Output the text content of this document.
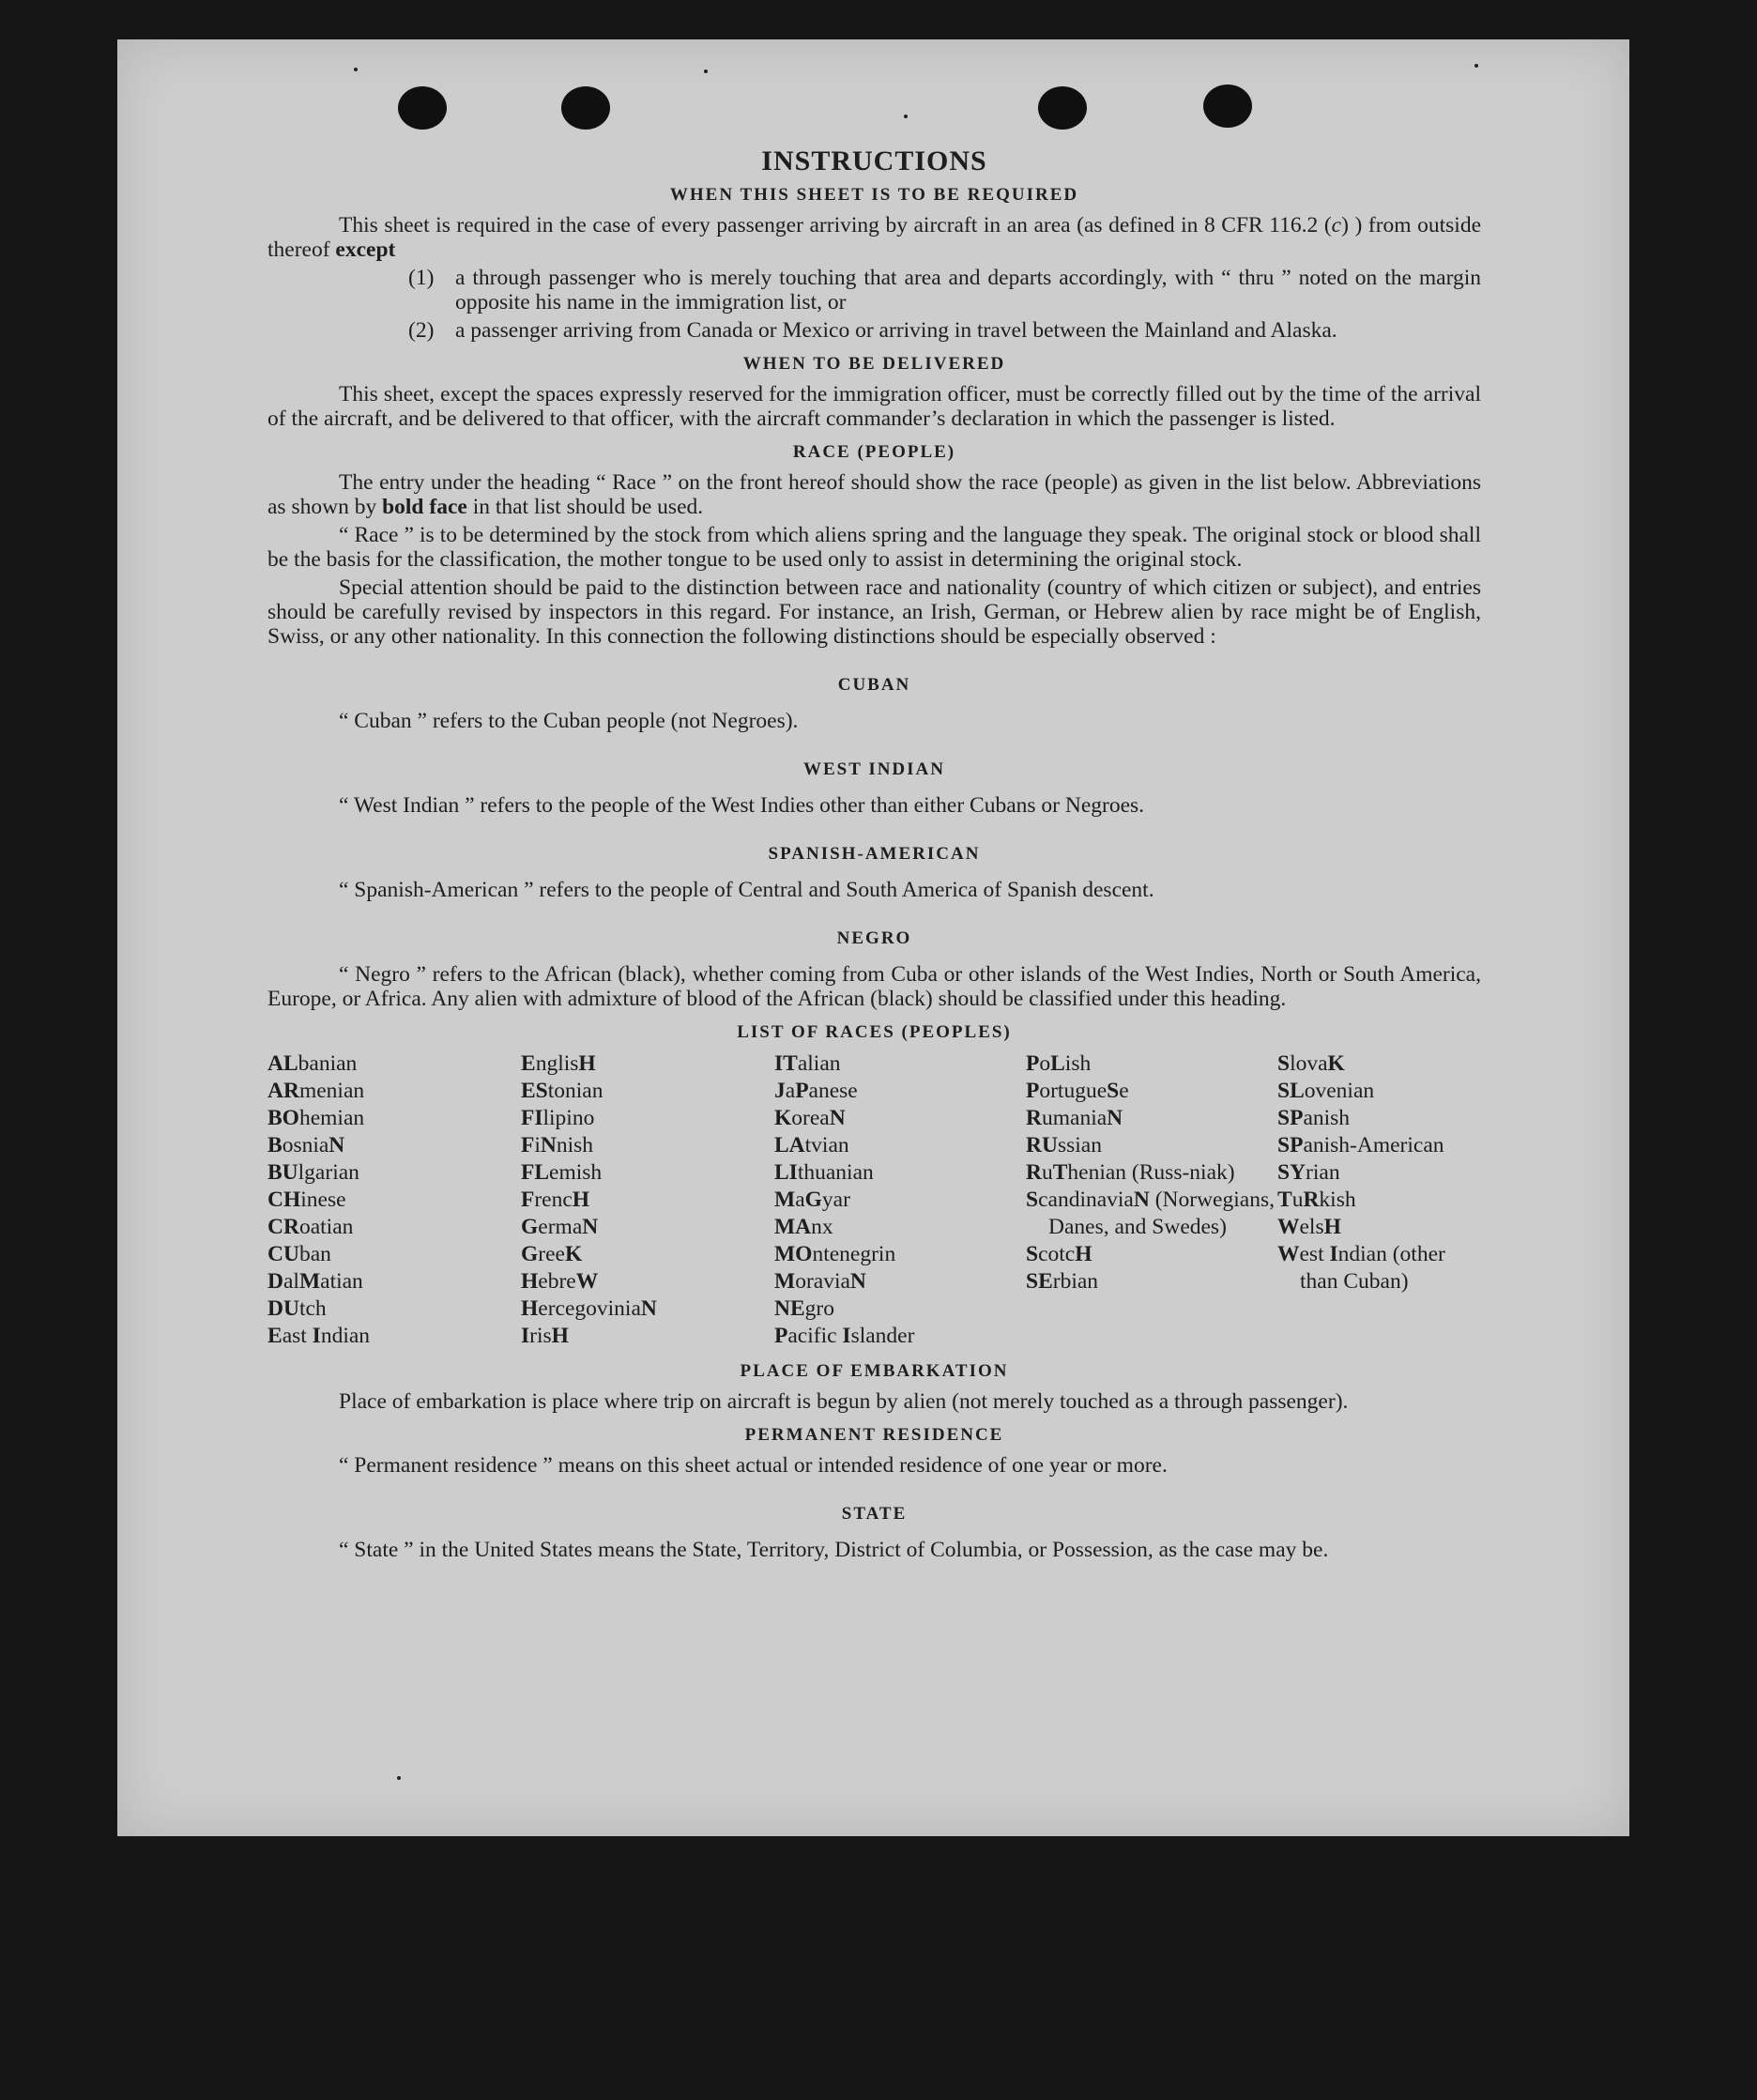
INSTRUCTIONS
WHEN THIS SHEET IS TO BE REQUIRED

This sheet is required in the case of every passenger arriving by aircraft in an area (as defined in 8 CFR 116.2 (c) ) from outside thereof except

(1) a through passenger who is merely touching that area and departs accordingly, with “ thru ” noted on the margin opposite his name in the immigration list, or
(2) a passenger arriving from Canada or Mexico or arriving in travel between the Mainland and Alaska.
WHEN TO BE DELIVERED

This sheet, except the spaces expressly reserved for the immigration officer, must be correctly filled out by the time of the arrival of the aircraft, and be delivered to that officer, with the aircraft commander’s declaration in which the passenger is listed.

RACE (PEOPLE)

The entry under the heading “ Race ” on the front hereof should show the race (people) as given in the list below. Abbreviations as shown by bold face in that list should be used.

“ Race ” is to be determined by the stock from which aliens spring and the language they speak. The original stock or blood shall be the basis for the classification, the mother tongue to be used only to assist in determining the original stock.

Special attention should be paid to the distinction between race and nationality (country of which citizen or subject), and entries should be carefully revised by inspectors in this regard. For instance, an Irish, German, or Hebrew alien by race might be of English, Swiss, or any other nationality. In this connection the following distinctions should be especially observed :

CUBAN

“ Cuban ” refers to the Cuban people (not Negroes).

WEST INDIAN

“ West Indian ” refers to the people of the West Indies other than either Cubans or Negroes.

SPANISH-AMERICAN

“ Spanish-American ” refers to the people of Central and South America of Spanish descent.

NEGRO

“ Negro ” refers to the African (black), whether coming from Cuba or other islands of the West Indies, North or South America, Europe, or Africa. Any alien with admixture of blood of the African (black) should be classified under this heading.

LIST OF RACES (PEOPLES)
ALbanian
ARmenian
BOhemian
BosniaN
BUlgarian
CHinese
CRoatian
CUban
DalMatian
DUtch
East Indian
EnglisH
EStonian
FIlipino
FiNnish
FLemish
FrencH
GermaN
GreeK
HebreW
HercegoviniaN
IrisH
ITalian
JaPanese
KoreaN
LAtvian
LIthuanian
MaGyar
MAnx
MOntenegrin
MoraviaN
NEgro
Pacific Islander
PoLish
PortugueSe
RumaniaN
RUssian
RuThenian (Russ-niak)
ScandinaviaN (Norwegians, Danes, and Swedes)
ScotcH
SErbian
SlovaK
SLovenian
SPanish
SPanish-American
SYrian
TuRkish
WelsH
West Indian (other than Cuban)
PLACE OF EMBARKATION

Place of embarkation is place where trip on aircraft is begun by alien (not merely touched as a through passenger).

PERMANENT RESIDENCE

“ Permanent residence ” means on this sheet actual or intended residence of one year or more.

STATE

“ State ” in the United States means the State, Territory, District of Columbia, or Possession, as the case may be.
